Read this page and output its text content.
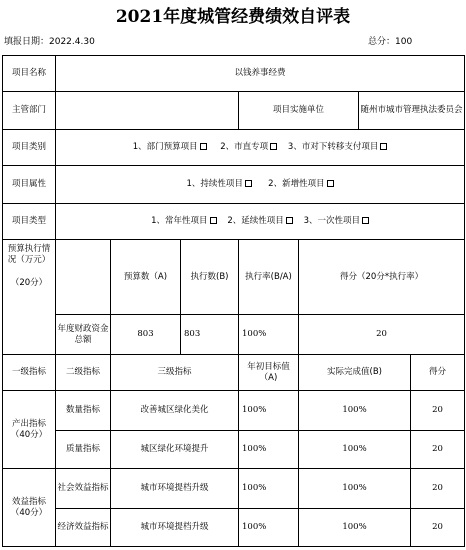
2021年度城管经费绩效自评表
填报日期：2022.4.30	总分：100
项目名称	以钱养事经费						
主管部门				项目实施单位		随州市城市管理执法委员会	
项目类别	1、部门预算项目 2、市直专项 3、市对下转移支付项目						
项目属性	1、持续性项目 2、新增性项目						
项目类型	1、常年性项目 2、延续性项目 3、一次性项目						

预算执行情况（万元）
（20分）		预算数（A)	执行数(B)	执行率(B/A)	得分（20分*执行率）		
	年度财政资金总额	803	803	100%	20		
一级指标	二级指标	三级指标		年初目标值（A)	实际完成值(B)		得分
产出指标（40分）	数量指标	改善城区绿化美化		100%	100%		20
	质量指标	城区绿化环境提升		100%	100%		20
效益指标（40分）	社会效益指标	城市环境提档升级		100%	100%		20
	经济效益指标	城市环境提档升级		100%	100%		20
